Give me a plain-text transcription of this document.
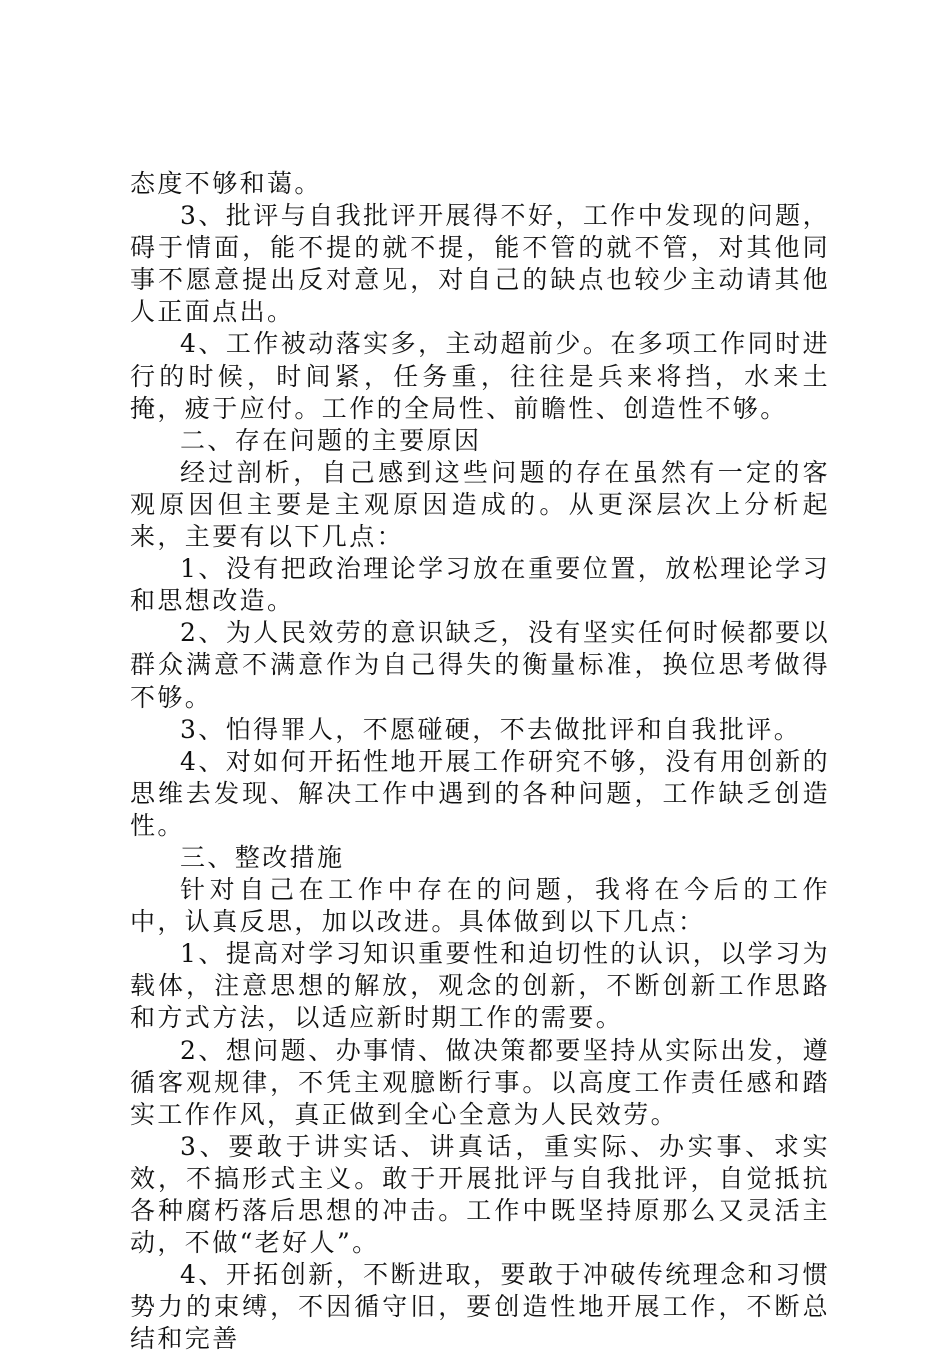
态度不够和蔼。

3、批评与自我批评开展得不好，工作中发现的问题，碍于情面，能不提的就不提，能不管的就不管，对其他同事不愿意提出反对意见，对自己的缺点也较少主动请其他人正面点出。

4、工作被动落实多，主动超前少。在多项工作同时进行的时候，时间紧，任务重，往往是兵来将挡，水来土掩，疲于应付。工作的全局性、前瞻性、创造性不够。

二、存在问题的主要原因

经过剖析，自己感到这些问题的存在虽然有一定的客观原因但主要是主观原因造成的。从更深层次上分析起来，主要有以下几点：

1、没有把政治理论学习放在重要位置，放松理论学习和思想改造。

2、为人民效劳的意识缺乏，没有坚实任何时候都要以群众满意不满意作为自己得失的衡量标准，换位思考做得不够。

3、怕得罪人，不愿碰硬，不去做批评和自我批评。

4、对如何开拓性地开展工作研究不够，没有用创新的思维去发现、解决工作中遇到的各种问题，工作缺乏创造性。

三、整改措施

针对自己在工作中存在的问题，我将在今后的工作中，认真反思，加以改进。具体做到以下几点：

1、提高对学习知识重要性和迫切性的认识，以学习为载体，注意思想的解放，观念的创新，不断创新工作思路和方式方法，以适应新时期工作的需要。

2、想问题、办事情、做决策都要坚持从实际出发，遵循客观规律，不凭主观臆断行事。以高度工作责任感和踏实工作作风，真正做到全心全意为人民效劳。

3、要敢于讲实话、讲真话，重实际、办实事、求实效，不搞形式主义。敢于开展批评与自我批评，自觉抵抗各种腐朽落后思想的冲击。工作中既坚持原那么又灵活主动，不做“老好人”。

4、开拓创新，不断进取，要敢于冲破传统理念和习惯势力的束缚，不因循守旧，要创造性地开展工作，不断总结和完善
